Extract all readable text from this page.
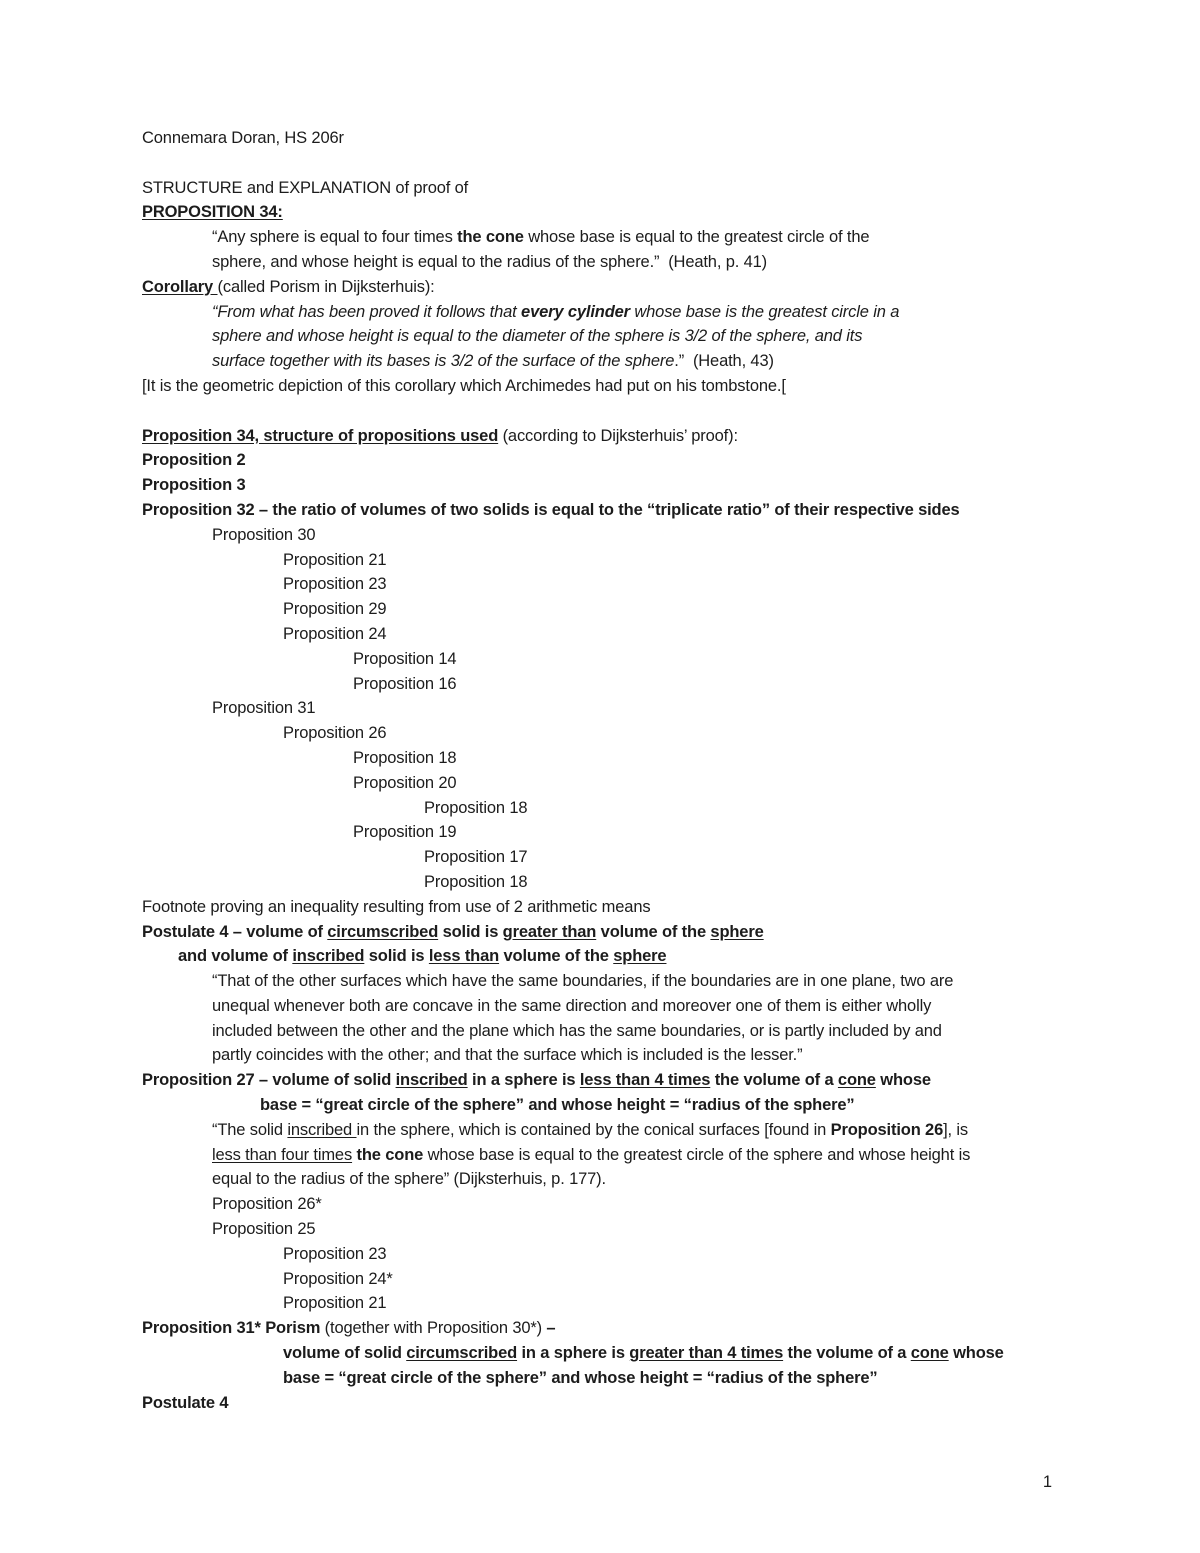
Connemara Doran, HS 206r

STRUCTURE and EXPLANATION of proof of
PROPOSITION 34:
“Any sphere is equal to four times the cone whose base is equal to the greatest circle of the
sphere, and whose height is equal to the radius of the sphere.”  (Heath, p. 41)
Corollary (called Porism in Dijksterhuis):
“From what has been proved it follows that every cylinder whose base is the greatest circle in a
sphere and whose height is equal to the diameter of the sphere is 3/2 of the sphere, and its
surface together with its bases is 3/2 of the surface of the sphere.”  (Heath, 43)
[It is the geometric depiction of this corollary which Archimedes had put on his tombstone.[

Proposition 34, structure of propositions used (according to Dijksterhuis’ proof):
Proposition 2
Proposition 3
Proposition 32 – the ratio of volumes of two solids is equal to the “triplicate ratio” of their respective sides
Proposition 30
Proposition 21
Proposition 23
Proposition 29
Proposition 24
Proposition 14
Proposition 16
Proposition 31
Proposition 26
Proposition 18
Proposition 20
Proposition 18
Proposition 19
Proposition 17
Proposition 18
Footnote proving an inequality resulting from use of 2 arithmetic means
Postulate 4 – volume of circumscribed solid is greater than volume of the sphere
and volume of inscribed solid is less than volume of the sphere
“That of the other surfaces which have the same boundaries, if the boundaries are in one plane, two are
unequal whenever both are concave in the same direction and moreover one of them is either wholly
included between the other and the plane which has the same boundaries, or is partly included by and
partly coincides with the other; and that the surface which is included is the lesser.”
Proposition 27 – volume of solid inscribed in a sphere is less than 4 times the volume of a cone whose
base = “great circle of the sphere” and whose height = “radius of the sphere”
“The solid inscribed in the sphere, which is contained by the conical surfaces [found in Proposition 26], is
less than four times the cone whose base is equal to the greatest circle of the sphere and whose height is
equal to the radius of the sphere” (Dijksterhuis, p. 177).
Proposition 26*
Proposition 25
Proposition 23
Proposition 24*
Proposition 21
Proposition 31* Porism (together with Proposition 30*) –
volume of solid circumscribed in a sphere is greater than 4 times the volume of a cone whose
base = “great circle of the sphere” and whose height = “radius of the sphere”
Postulate 4
1
